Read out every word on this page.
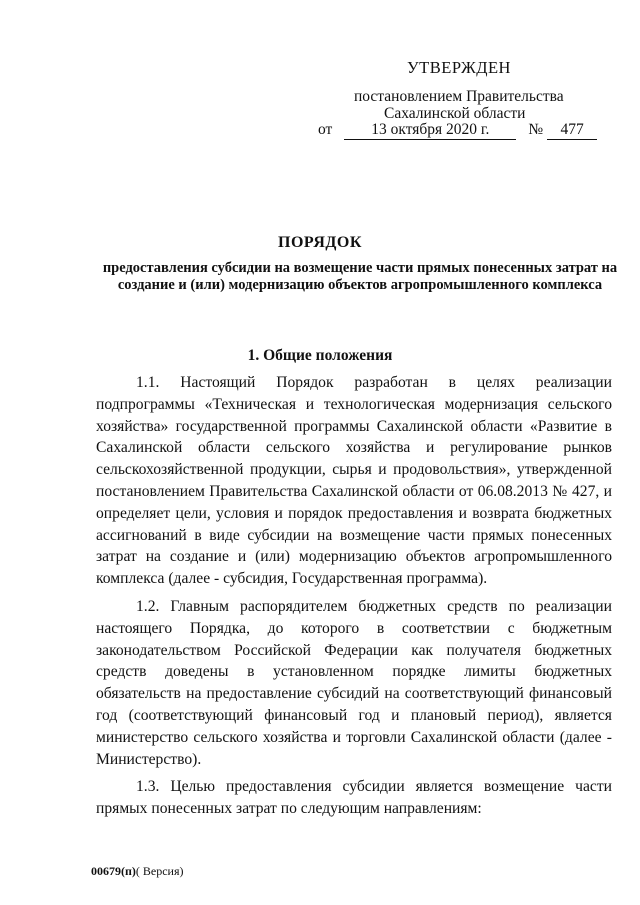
УТВЕРЖДЕН
постановлением Правительства
Сахалинской области
от	13 октября 2020 г.	№ 477
ПОРЯДОК
предоставления субсидии на возмещение части прямых понесенных затрат на создание и (или) модернизацию объектов агропромышленного комплекса
1. Общие положения

1.1. Настоящий Порядок разработан в целях реализации подпрограммы «Техническая и технологическая модернизация сельского хозяйства» государственной программы Сахалинской области «Развитие в Сахалинской области сельского хозяйства и регулирование рынков сельскохозяйственной продукции, сырья и продовольствия», утвержденной постановлением Правительства Сахалинской области от 06.08.2013 № 427, и определяет цели, условия и порядок предоставления и возврата бюджетных ассигнований в виде субсидии на возмещение части прямых понесенных затрат на создание и (или) модернизацию объектов агропромышленного комплекса (далее - субсидия, Государственная программа).

1.2. Главным распорядителем бюджетных средств по реализации настоящего Порядка, до которого в соответствии с бюджетным законодательством Российской Федерации как получателя бюджетных средств доведены в установленном порядке лимиты бюджетных обязательств на предоставление субсидий на соответствующий финансовый год (соответствующий финансовый год и плановый период), является министерство сельского хозяйства и торговли Сахалинской области (далее - Министерство).

1.3. Целью предоставления субсидии является возмещение части прямых понесенных затрат по следующим направлениям:

00679(п)( Версия)
